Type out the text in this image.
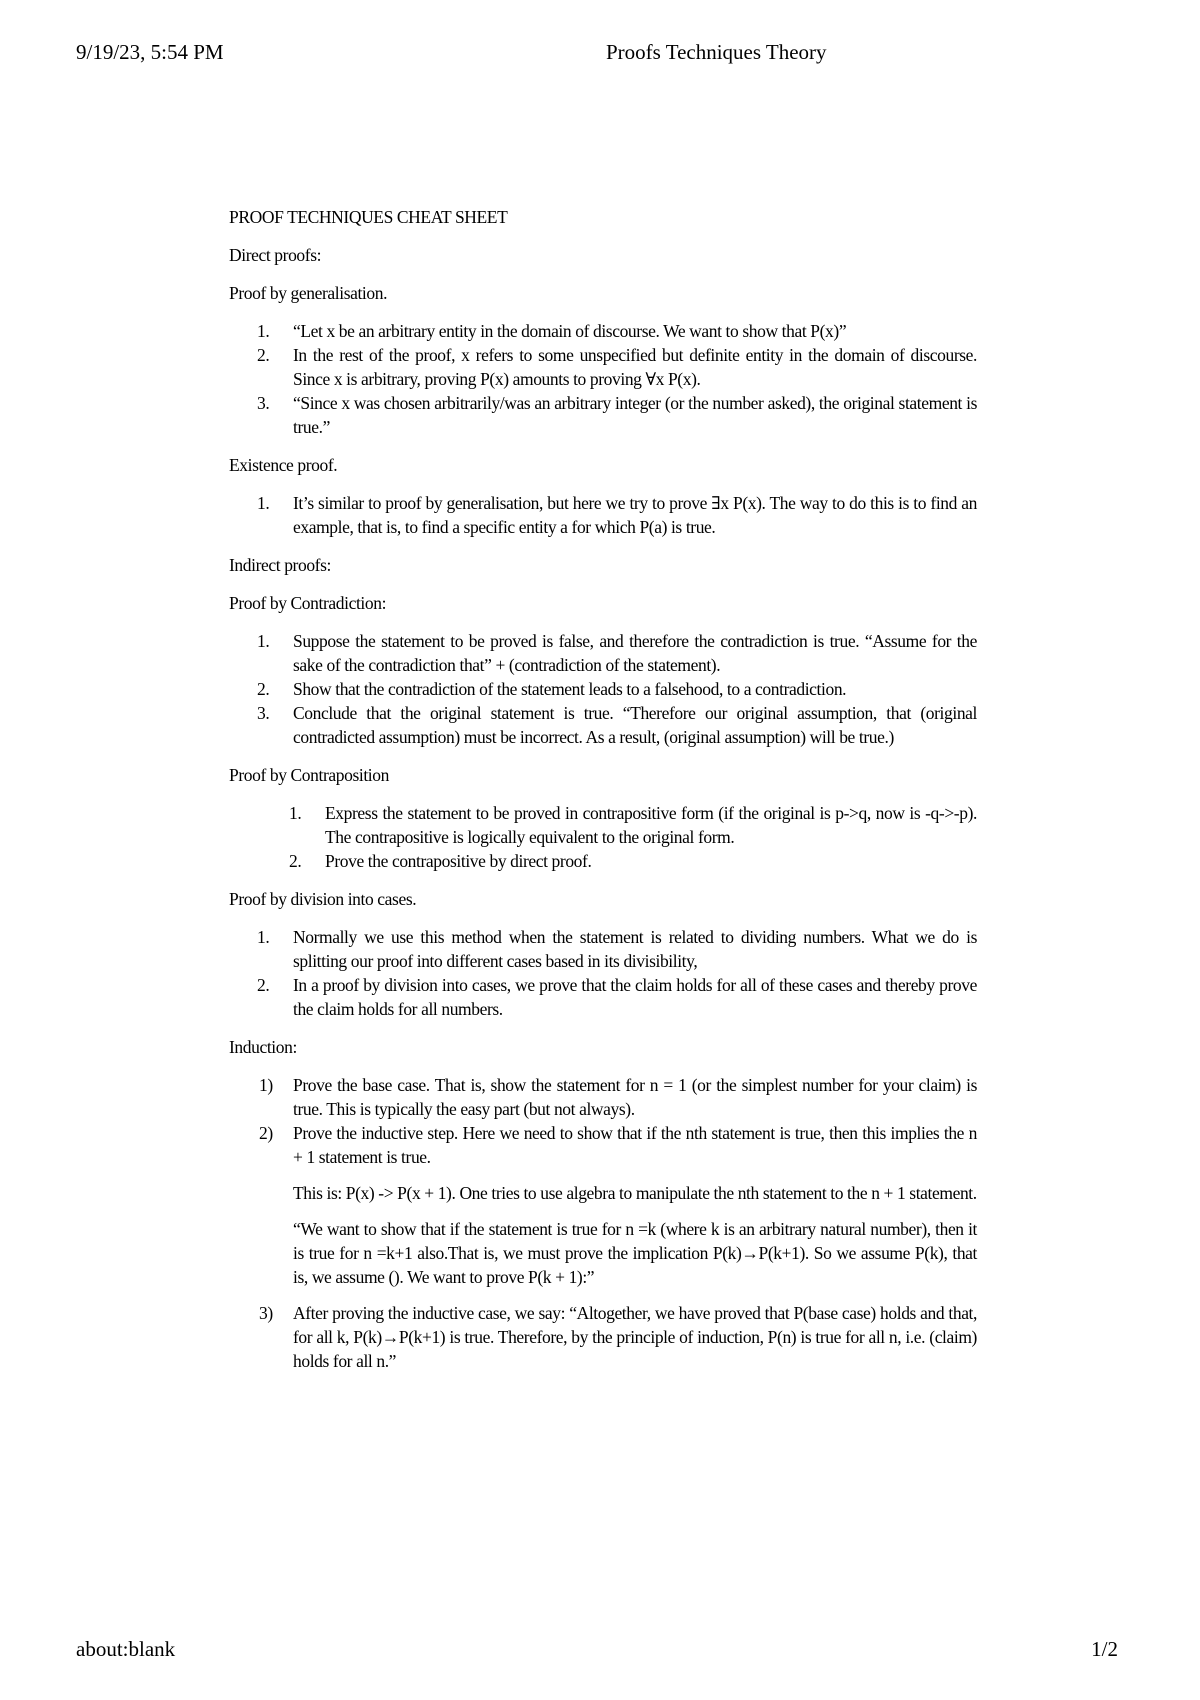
9/19/23, 5:54 PM	Proofs Techniques Theory

PROOF TECHNIQUES CHEAT SHEET

Direct proofs:

Proof by generalisation.

1. “Let x be an arbitrary entity in the domain of discourse. We want to show that P(x)”
2. In the rest of the proof, x refers to some unspecified but definite entity in the domain of discourse. Since x is arbitrary, proving P(x) amounts to proving ∀x P(x).
3. “Since x was chosen arbitrarily/was an arbitrary integer (or the number asked), the original statement is true.”

Existence proof.

1. It’s similar to proof by generalisation, but here we try to prove ∃x P(x). The way to do this is to find an example, that is, to find a specific entity a for which P(a) is true.

Indirect proofs:

Proof by Contradiction:

1. Suppose the statement to be proved is false, and therefore the contradiction is true. “Assume for the sake of the contradiction that” + (contradiction of the statement).
2. Show that the contradiction of the statement leads to a falsehood, to a contradiction.
3. Conclude that the original statement is true. “Therefore our original assumption, that (original contradicted assumption) must be incorrect. As a result, (original assumption) will be true.)

Proof by Contraposition

1. Express the statement to be proved in contrapositive form (if the original is p->q, now is -q->-p). The contrapositive is logically equivalent to the original form.
2. Prove the contrapositive by direct proof.

Proof by division into cases.

1. Normally we use this method when the statement is related to dividing numbers. What we do is splitting our proof into different cases based in its divisibility,
2. In a proof by division into cases, we prove that the claim holds for all of these cases and thereby prove the claim holds for all numbers.

Induction:

1) Prove the base case. That is, show the statement for n = 1 (or the simplest number for your claim) is true. This is typically the easy part (but not always).
2) Prove the inductive step. Here we need to show that if the nth statement is true, then this implies the n + 1 statement is true.
This is: P(x) -> P(x + 1). One tries to use algebra to manipulate the nth statement to the n + 1 statement.
“We want to show that if the statement is true for n =k (where k is an arbitrary natural number), then it is true for n =k+1 also.That is, we must prove the implication P(k)→P(k+1). So we assume P(k), that is, we assume (). We want to prove P(k + 1):”
3) After proving the inductive case, we say: “Altogether, we have proved that P(base case) holds and that, for all k, P(k)→P(k+1) is true. Therefore, by the principle of induction, P(n) is true for all n, i.e. (claim) holds for all n.”
about:blank	1/2
